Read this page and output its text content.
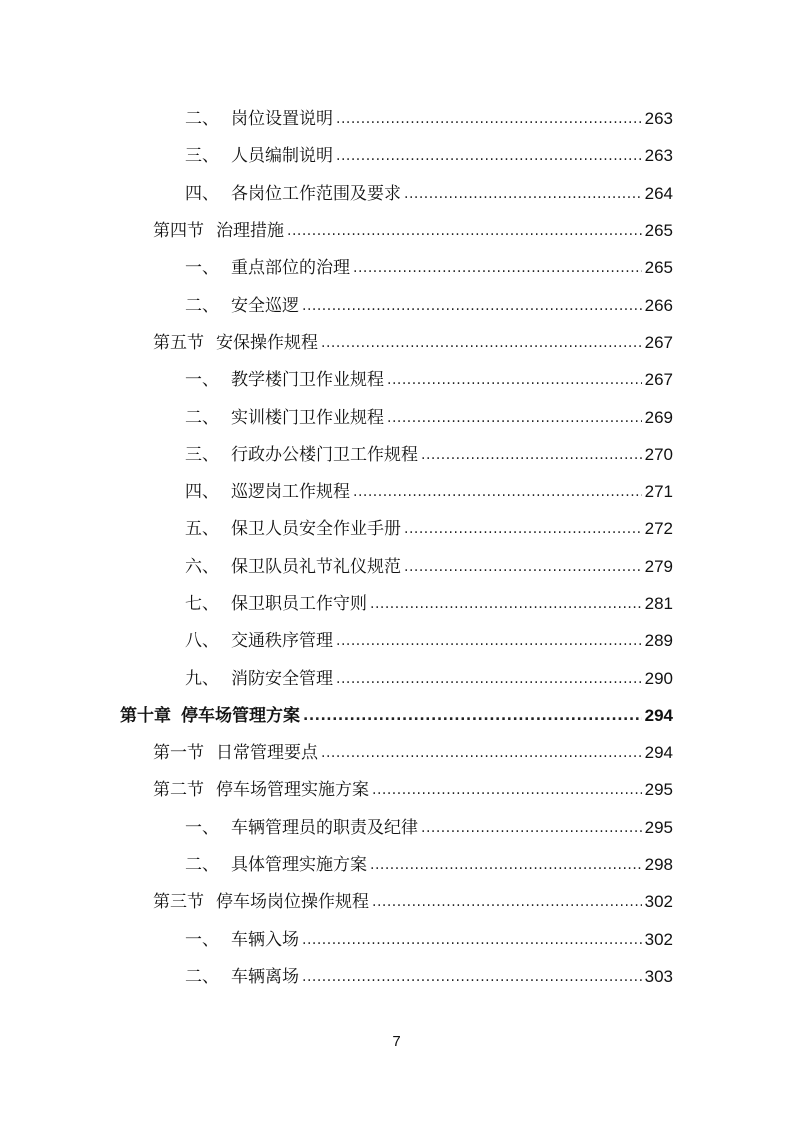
二、 岗位设置说明 .....	263
三、 人员编制说明 .....	263
四、 各岗位工作范围及要求 .....	264
第四节 治理措施 .....	265
一、 重点部位的治理 .....	265
二、 安全巡逻 .....	266
第五节 安保操作规程 .....	267
一、 教学楼门卫作业规程 .....	267
二、 实训楼门卫作业规程 .....	269
三、 行政办公楼门卫工作规程 .....	270
四、 巡逻岗工作规程 .....	271
五、 保卫人员安全作业手册 .....	272
六、 保卫队员礼节礼仪规范 .....	279
七、 保卫职员工作守则 .....	281
八、 交通秩序管理 .....	289
九、 消防安全管理 .....	290
第十章 停车场管理方案 .....	294
第一节 日常管理要点 .....	294
第二节 停车场管理实施方案 .....	295
一、 车辆管理员的职责及纪律 .....	295
二、 具体管理实施方案 .....	298
第三节 停车场岗位操作规程 .....	302
一、 车辆入场 .....	302
二、 车辆离场 .....	303
7
